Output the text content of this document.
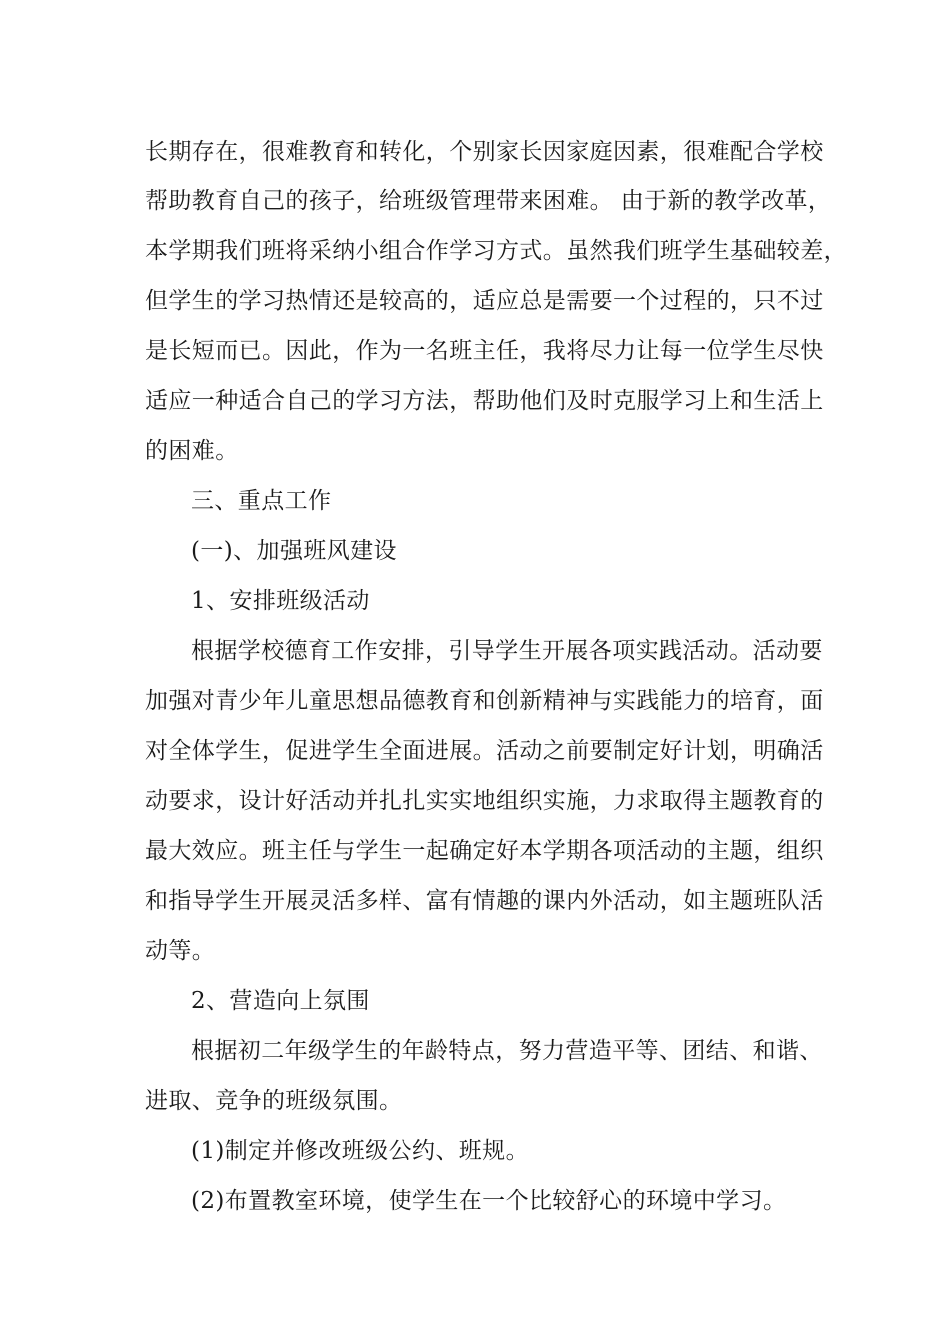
长期存在，很难教育和转化，个别家长因家庭因素，很难配合学校
帮助教育自己的孩子，给班级管理带来困难。 由于新的教学改革，
本学期我们班将采纳小组合作学习方式。虽然我们班学生基础较差，
但学生的学习热情还是较高的，适应总是需要一个过程的，只不过
是长短而已。因此，作为一名班主任，我将尽力让每一位学生尽快
适应一种适合自己的学习方法，帮助他们及时克服学习上和生活上
的困难。
三、重点工作
(一)、加强班风建设
1、安排班级活动
根据学校德育工作安排，引导学生开展各项实践活动。活动要
加强对青少年儿童思想品德教育和创新精神与实践能力的培育，面
对全体学生，促进学生全面进展。活动之前要制定好计划，明确活
动要求，设计好活动并扎扎实实地组织实施，力求取得主题教育的
最大效应。班主任与学生一起确定好本学期各项活动的主题，组织
和指导学生开展灵活多样、富有情趣的课内外活动，如主题班队活
动等。
2、营造向上氛围
根据初二年级学生的年龄特点，努力营造平等、团结、和谐、
进取、竞争的班级氛围。
(1)制定并修改班级公约、班规。
(2)布置教室环境，使学生在一个比较舒心的环境中学习。
